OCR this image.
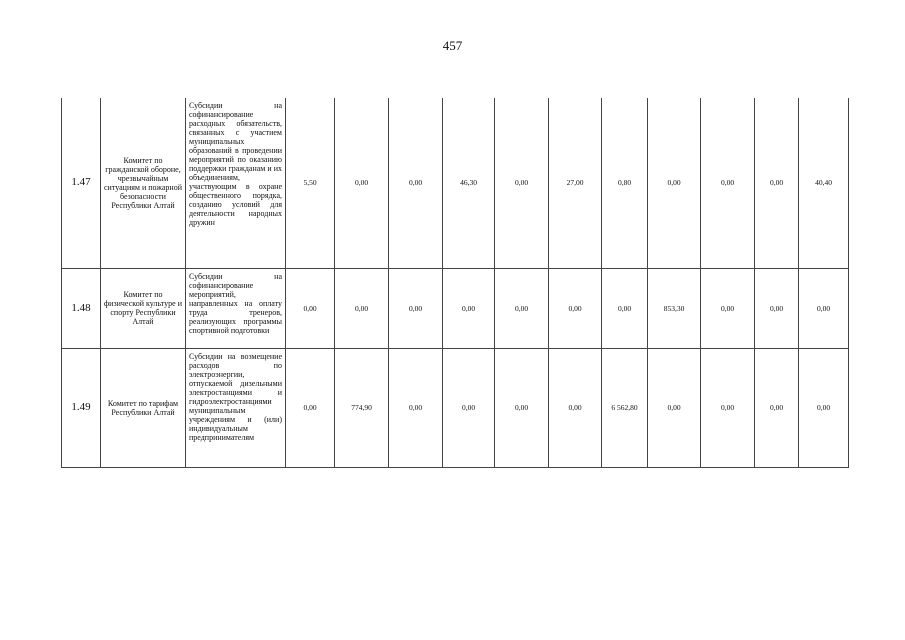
457
1.47	Комитет по гражданской обороне, чрезвычайным ситуациям и пожарной безопасности Республики Алтай	Субсидии на софинансирование расходных обязательств, связанных с участием муниципальных образований в проведении мероприятий по оказанию поддержки гражданам и их объединениям, участвующим в охране общественного порядка, созданию условий для деятельности народных дружин	5,50	0,00	0,00	46,30	0,00	27,00	0,80	0,00	0,00	0,00	40,40
1.48	Комитет по физической культуре и спорту Республики Алтай	Субсидии на софинансирование мероприятий, направленных на оплату труда тренеров, реализующих программы спортивной подготовки	0,00	0,00	0,00	0,00	0,00	0,00	0,00	853,30	0,00	0,00	0,00
1.49	Комитет по тарифам Республики Алтай	Субсидии на возмещение расходов по электроэнергии, отпускаемой дизельными электростанциями и гидроэлектростанциями муниципальным учреждениям и (или) индивидуальным предпринимателям	0,00	774,90	0,00	0,00	0,00	0,00	6 562,80	0,00	0,00	0,00	0,00
